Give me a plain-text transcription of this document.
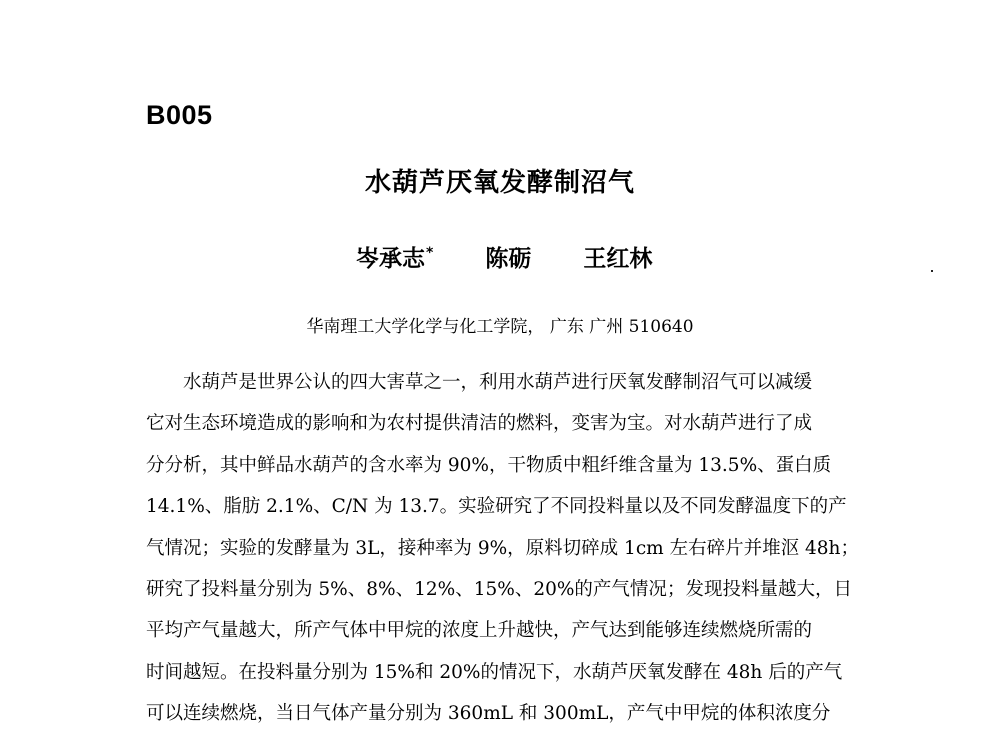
B005
水葫芦厌氧发酵制沼气
岑承志* 陈砺 王红林
华南理工大学化学与化工学院， 广东 广州 510640
水葫芦是世界公认的四大害草之一，利用水葫芦进行厌氧发酵制沼气可以减缓
它对生态环境造成的影响和为农村提供清洁的燃料，变害为宝。对水葫芦进行了成
分分析，其中鲜品水葫芦的含水率为 90%，干物质中粗纤维含量为 13.5%、蛋白质
14.1%、脂肪 2.1%、C/N 为 13.7。实验研究了不同投料量以及不同发酵温度下的产
气情况；实验的发酵量为 3L，接种率为 9%，原料切碎成 1cm 左右碎片并堆沤 48h；
研究了投料量分别为 5%、8%、12%、15%、20%的产气情况；发现投料量越大，日
平均产气量越大，所产气体中甲烷的浓度上升越快，产气达到能够连续燃烧所需的
时间越短。在投料量分别为 15%和 20%的情况下，水葫芦厌氧发酵在 48h 后的产气
可以连续燃烧，当日气体产量分别为 360mL 和 300mL，产气中甲烷的体积浓度分
